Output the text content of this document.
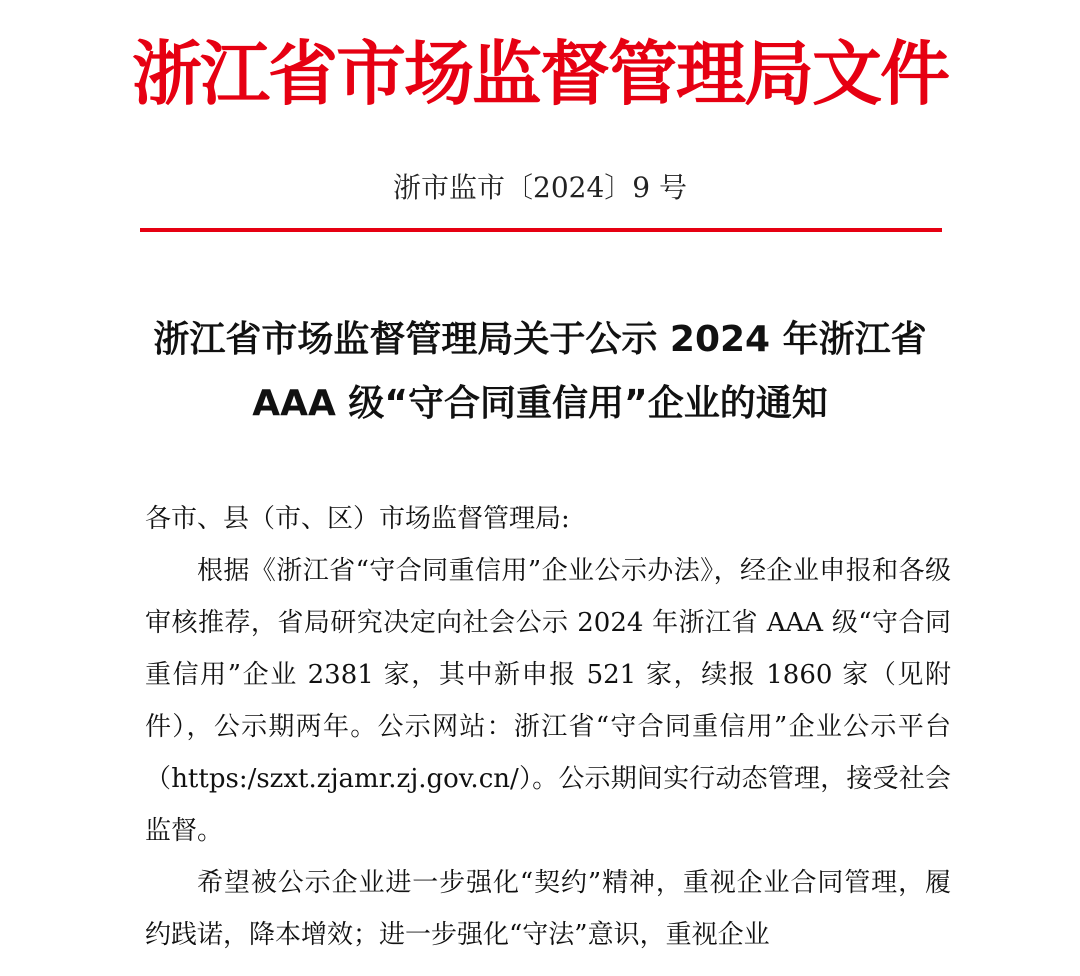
浙江省市场监督管理局文件
浙市监市〔2024〕9 号
浙江省市场监督管理局关于公示 2024 年浙江省
AAA 级“守合同重信用”企业的通知

各市、县（市、区）市场监督管理局:

根据《浙江省“守合同重信用”企业公示办法》，经企业申报和各级审核推荐，省局研究决定向社会公示 2024 年浙江省 AAA 级“守合同重信用”企业 2381 家，其中新申报 521 家，续报 1860 家（见附件），公示期两年。公示网站：浙江省“守合同重信用”企业公示平台（https:/szxt.zjamr.zj.gov.cn/）。公示期间实行动态管理，接受社会监督。

希望被公示企业进一步强化“契约”精神，重视企业合同管理，履约践诺，降本增效；进一步强化“守法”意识，重视企业
